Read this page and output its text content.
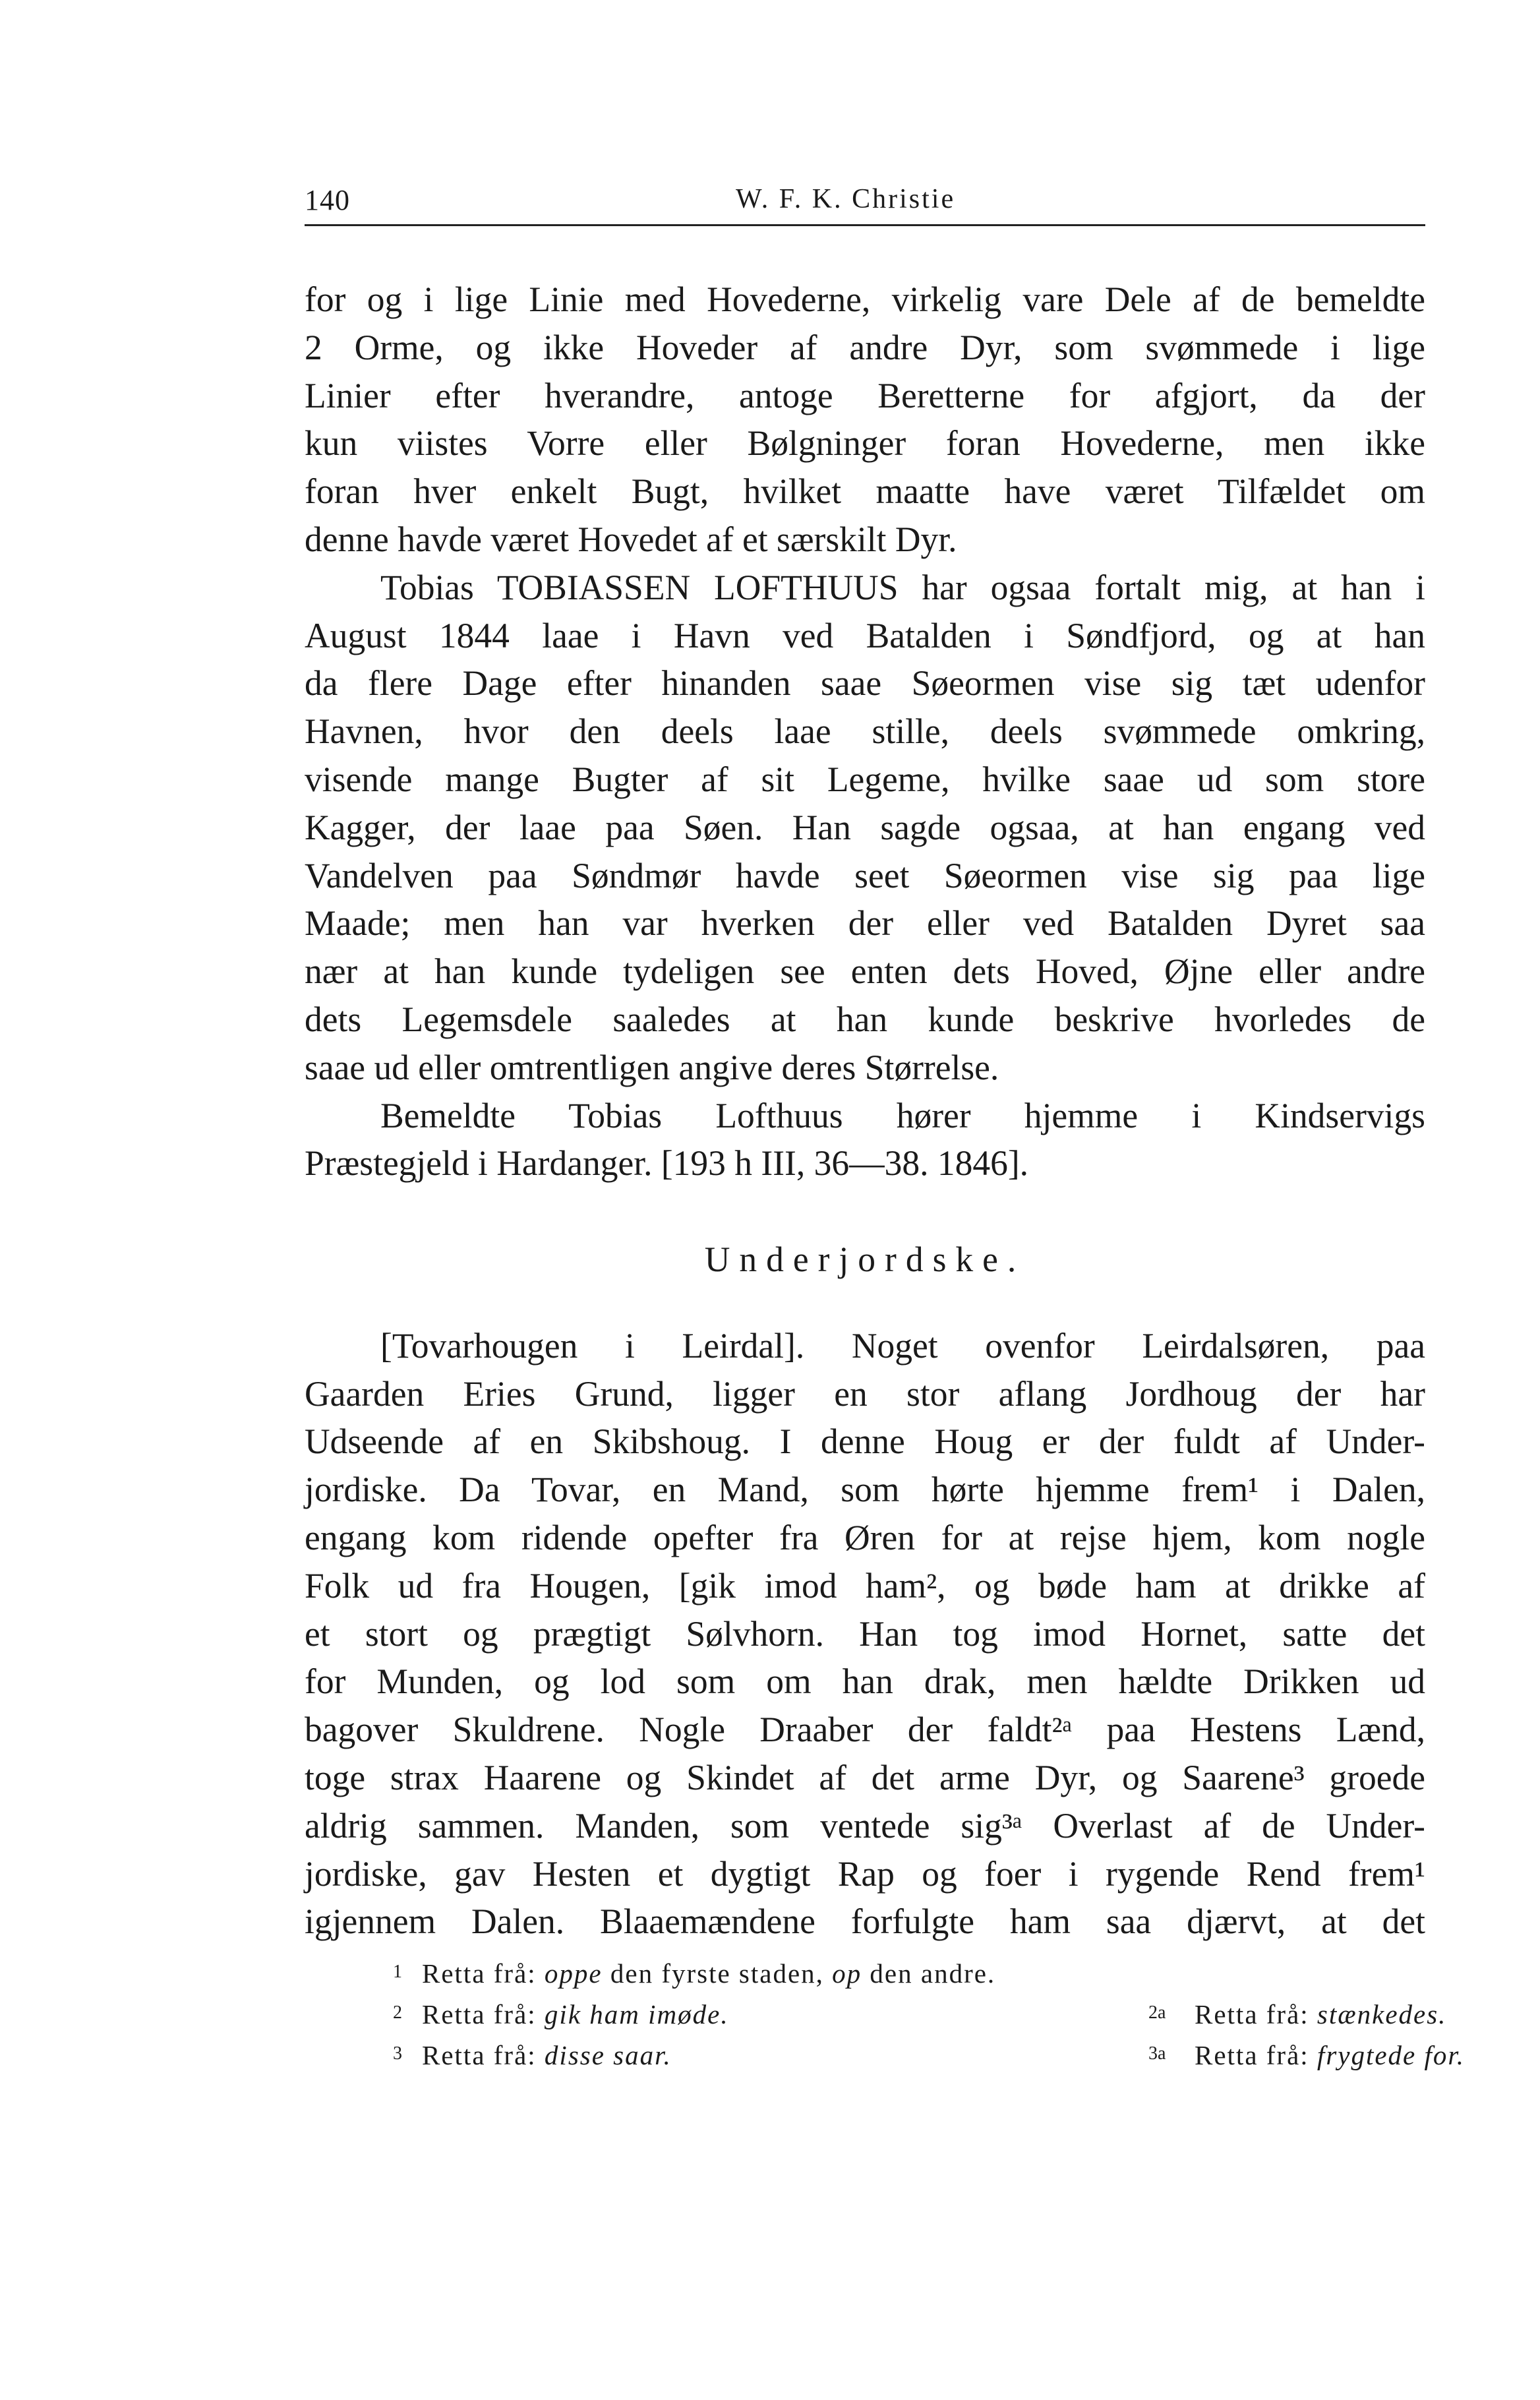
140	W. F. K. Christie
for og i lige Linie med Hovederne, virkelig vare Dele af de bemeldte
2 Orme, og ikke Hoveder af andre Dyr, som svømmede i lige
Linier efter hverandre, antoge Beretterne for afgjort, da der
kun viistes Vorre eller Bølgninger foran Hovederne, men ikke
foran hver enkelt Bugt, hvilket maatte have været Tilfældet om
denne havde været Hovedet af et særskilt Dyr.
Tobias TOBIASSEN LOFTHUUS har ogsaa fortalt mig, at han i
August 1844 laae i Havn ved Batalden i Søndfjord, og at han
da flere Dage efter hinanden saae Søeormen vise sig tæt udenfor
Havnen, hvor den deels laae stille, deels svømmede omkring,
visende mange Bugter af sit Legeme, hvilke saae ud som store
Kagger, der laae paa Søen. Han sagde ogsaa, at han engang ved
Vandelven paa Søndmør havde seet Søeormen vise sig paa lige
Maade; men han var hverken der eller ved Batalden Dyret saa
nær at han kunde tydeligen see enten dets Hoved, Øjne eller andre
dets Legemsdele saaledes at han kunde beskrive hvorledes de
saae ud eller omtrentligen angive deres Størrelse.
Bemeldte Tobias Lofthuus hører hjemme i Kindservigs
Præstegjeld i Hardanger. [193 h III, 36—38. 1846].
Underjordske.
[Tovarhougen i Leirdal]. Noget ovenfor Leirdalsøren, paa
Gaarden Eries Grund, ligger en stor aflang Jordhoug der har
Udseende af en Skibshoug. I denne Houg er der fuldt af Under-
jordiske. Da Tovar, en Mand, som hørte hjemme frem¹ i Dalen,
engang kom ridende opefter fra Øren for at rejse hjem, kom nogle
Folk ud fra Hougen, [gik imod ham², og bøde ham at drikke af
et stort og prægtigt Sølvhorn. Han tog imod Hornet, satte det
for Munden, og lod som om han drak, men hældte Drikken ud
bagover Skuldrene. Nogle Draaber der faldt²ᵃ paa Hestens Lænd,
toge strax Haarene og Skindet af det arme Dyr, og Saarene³ groede
aldrig sammen. Manden, som ventede sig³ᵃ Overlast af de Under-
jordiske, gav Hesten et dygtigt Rap og foer i rygende Rend frem¹
igjennem Dalen. Blaaemændene forfulgte ham saa djærvt, at det
1 Retta frå: oppe den fyrste staden, op den andre.
2 Retta frå: gik ham imøde.	2a Retta frå: stænkedes.
3 Retta frå: disse saar.	3a Retta frå: frygtede for.
